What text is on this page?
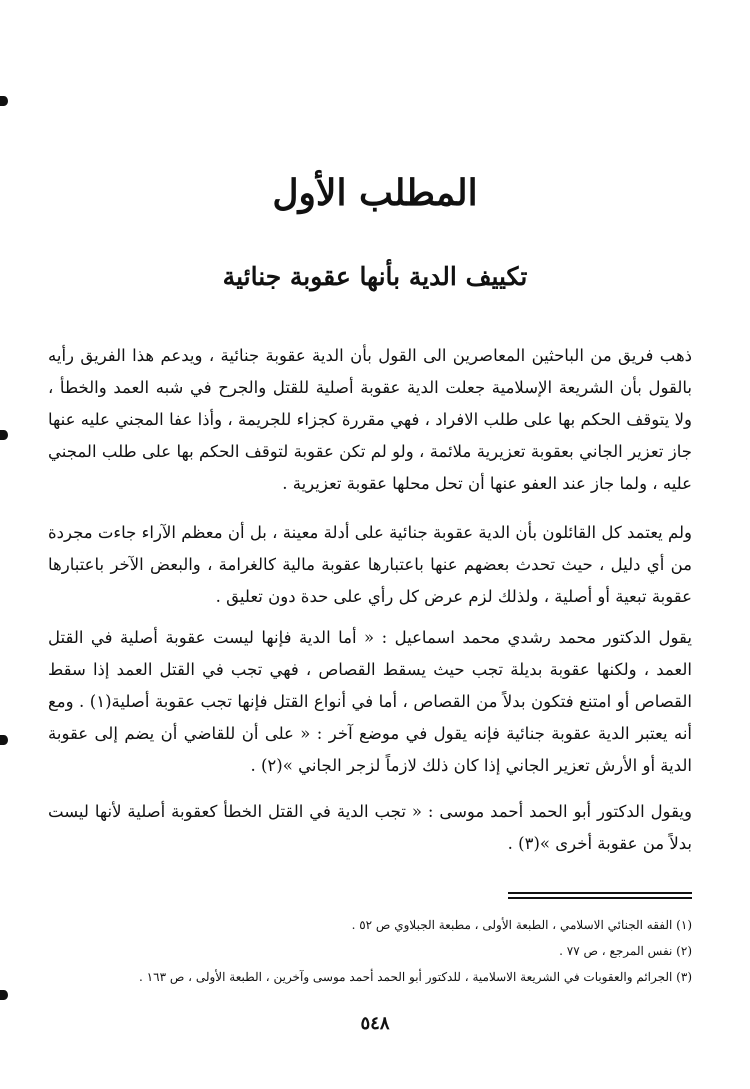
المطلب الأول
تكييف الدية بأنها عقوبة جنائية
ذهب فريق من الباحثين المعاصرين الى القول بأن الدية عقوبة جنائية ، ويدعم هذا الفريق رأيه بالقول بأن الشريعة الإسلامية جعلت الدية عقوبة أصلية للقتل والجرح في شبه العمد والخطأ ، ولا يتوقف الحكم بها على طلب الافراد ، فهي مقررة كجزاء للجريمة ، وأذا عفا المجني عليه عنها جاز تعزير الجاني بعقوبة تعزيرية ملائمة ، ولو لم تكن عقوبة لتوقف الحكم بها على طلب المجني عليه ، ولما جاز عند العفو عنها أن تحل محلها عقوبة تعزيرية .
ولم يعتمد كل القائلون بأن الدية عقوبة جنائية على أدلة معينة ، بل أن معظم الآراء جاءت مجردة من أي دليل ، حيث تحدث بعضهم عنها باعتبارها عقوبة مالية كالغرامة ، والبعض الآخر باعتبارها عقوبة تبعية أو أصلية ، ولذلك لزم عرض كل رأي على حدة دون تعليق .
يقول الدكتور محمد رشدي محمد اسماعيل : « أما الدية فإنها ليست عقوبة أصلية في القتل العمد ، ولكنها عقوبة بديلة تجب حيث يسقط القصاص ، فهي تجب في القتل العمد إذا سقط القصاص أو امتنع فتكون بدلاً من القصاص ، أما في أنواع القتل فإنها تجب عقوبة أصلية(١) . ومع أنه يعتبر الدية عقوبة جنائية فإنه يقول في موضع آخر : « على أن للقاضي أن يضم إلى عقوبة الدية أو الأرش تعزير الجاني إذا كان ذلك لازماً لزجر الجاني »(٢) .
ويقول الدكتور أبو الحمد أحمد موسى : « تجب الدية في القتل الخطأ كعقوبة أصلية لأنها ليست بدلاً من عقوبة أخرى »(٣) .
(١) الفقه الجنائي الاسلامي ، الطبعة الأولى ، مطبعة الجبلاوي ص ٥٢ .
(٢) نفس المرجع ، ص ٧٧ .
(٣) الجرائم والعقوبات في الشريعة الاسلامية ، للدكتور أبو الحمد أحمد موسى وآخرين ، الطبعة الأولى ، ص ١٦٣ .
٥٤٨
